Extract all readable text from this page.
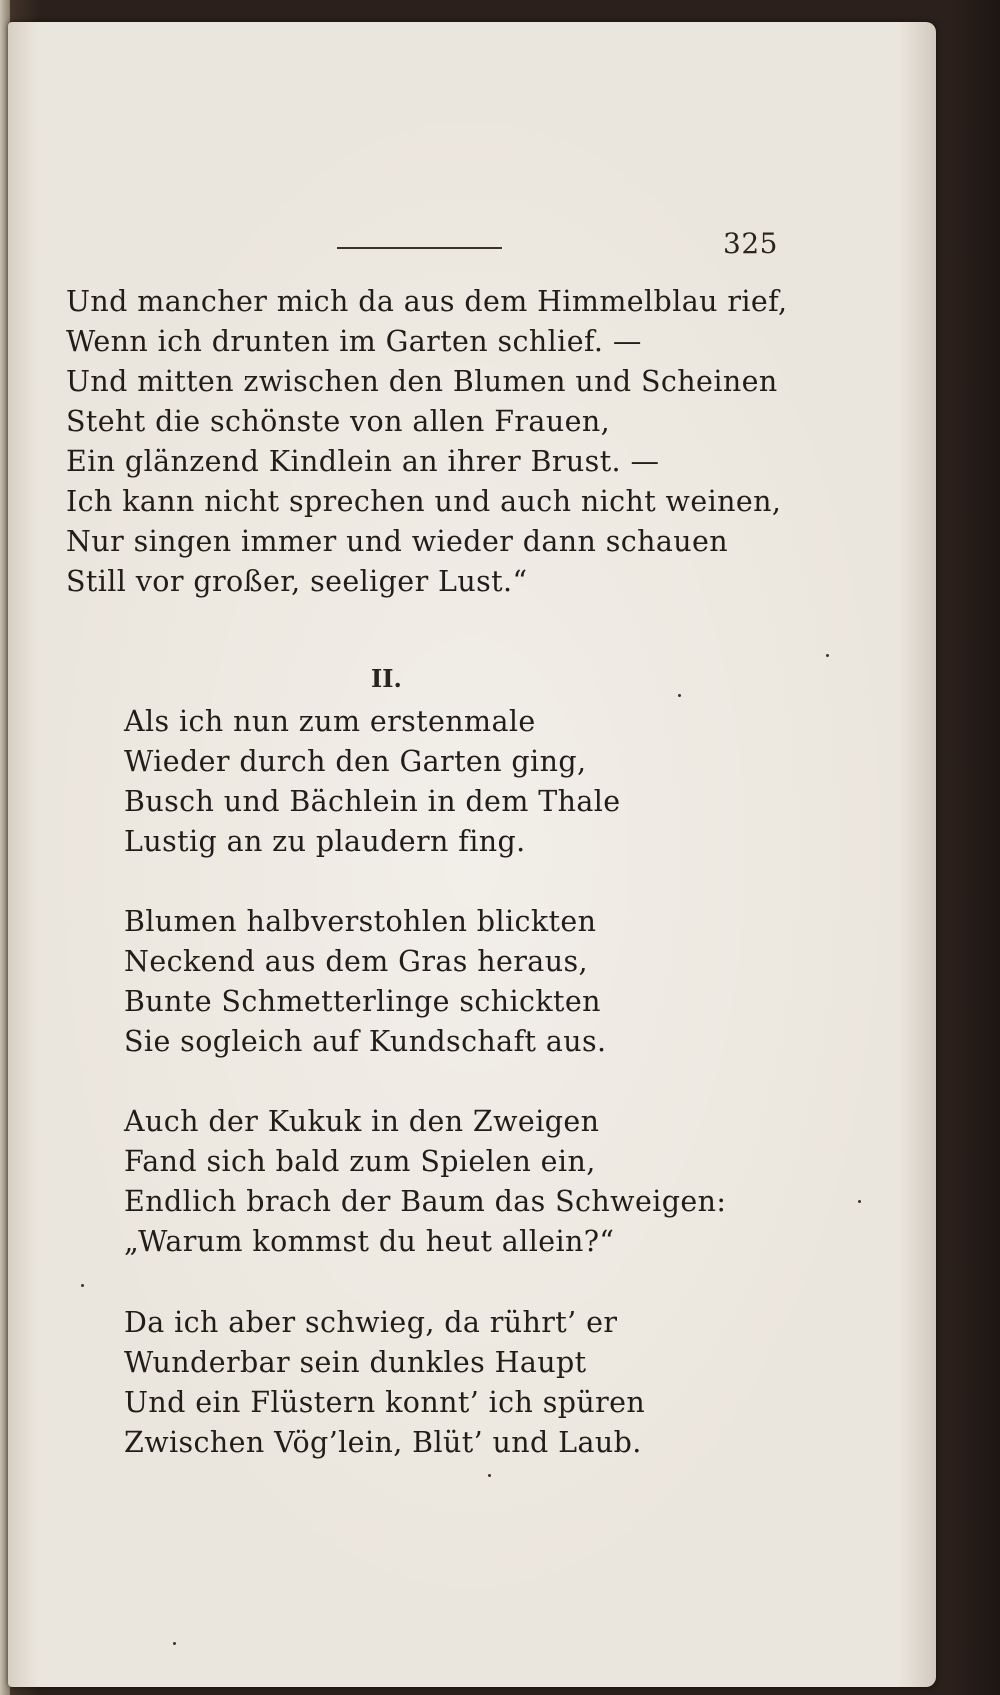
325
Und mancher mich da aus dem Himmelblau rief,
Wenn ich drunten im Garten schlief. —
Und mitten zwischen den Blumen und Scheinen
Steht die schönste von allen Frauen,
Ein glänzend Kindlein an ihrer Brust. —
Ich kann nicht sprechen und auch nicht weinen,
Nur singen immer und wieder dann schauen
Still vor großer, seeliger Lust.“
II.
Als ich nun zum erstenmale
Wieder durch den Garten ging,
Busch und Bächlein in dem Thale
Lustig an zu plaudern fing.
Blumen halbverstohlen blickten
Neckend aus dem Gras heraus,
Bunte Schmetterlinge schickten
Sie sogleich auf Kundschaft aus.
Auch der Kukuk in den Zweigen
Fand sich bald zum Spielen ein,
Endlich brach der Baum das Schweigen:
„Warum kommst du heut allein?“
Da ich aber schwieg, da rührt’ er
Wunderbar sein dunkles Haupt
Und ein Flüstern konnt’ ich spüren
Zwischen Vög’lein, Blüt’ und Laub.
